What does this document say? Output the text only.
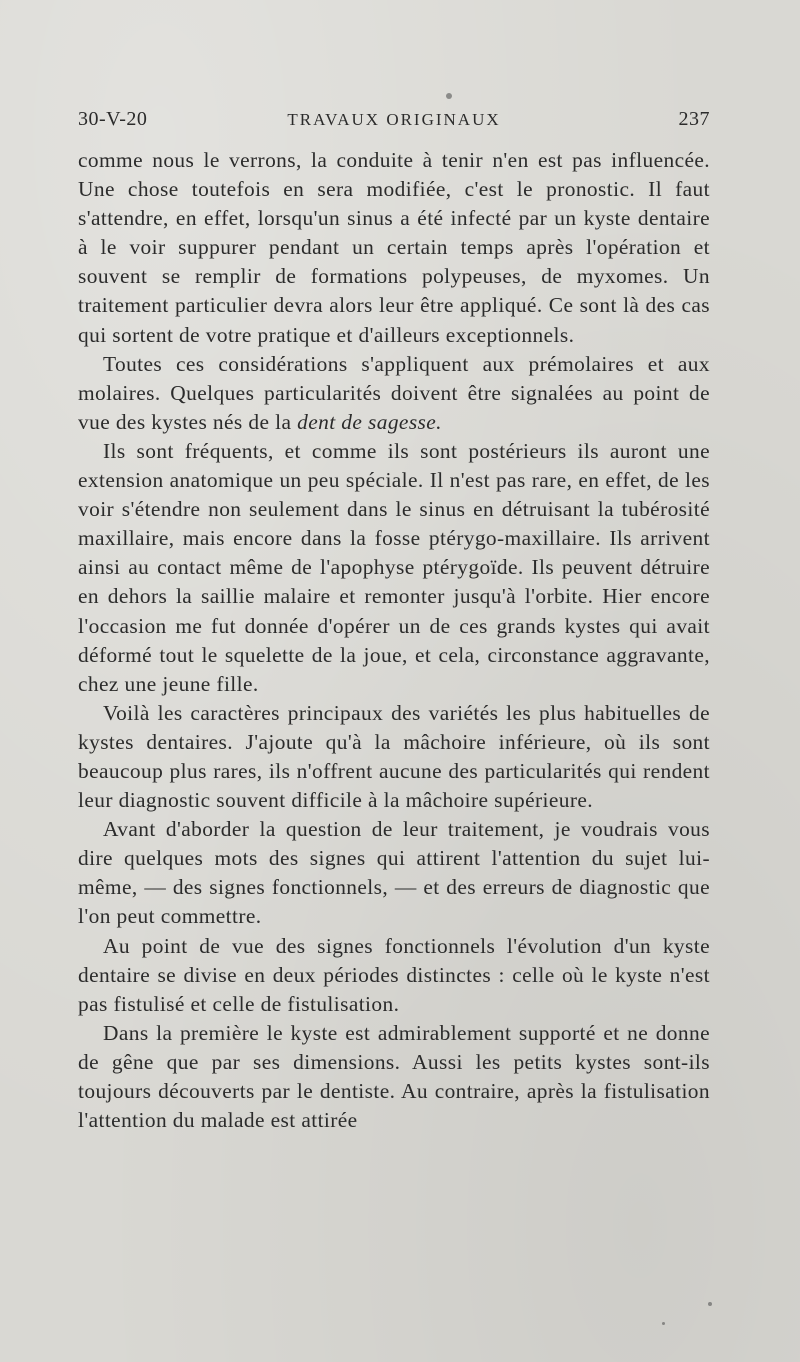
30-V-20	TRAVAUX ORIGINAUX	237

comme nous le verrons, la conduite à tenir n'en est pas influencée. Une chose toutefois en sera modifiée, c'est le pronostic. Il faut s'attendre, en effet, lorsqu'un sinus a été infecté par un kyste dentaire à le voir suppurer pendant un certain temps après l'opération et souvent se remplir de formations polypeuses, de myxomes. Un traitement particulier devra alors leur être appliqué. Ce sont là des cas qui sortent de votre pratique et d'ailleurs exceptionnels.

Toutes ces considérations s'appliquent aux prémolaires et aux molaires. Quelques particularités doivent être signalées au point de vue des kystes nés de la dent de sagesse.

Ils sont fréquents, et comme ils sont postérieurs ils auront une extension anatomique un peu spéciale. Il n'est pas rare, en effet, de les voir s'étendre non seulement dans le sinus en détruisant la tubérosité maxillaire, mais encore dans la fosse ptérygo-maxillaire. Ils arrivent ainsi au contact même de l'apophyse ptérygoïde. Ils peuvent détruire en dehors la saillie malaire et remonter jusqu'à l'orbite. Hier encore l'occasion me fut donnée d'opérer un de ces grands kystes qui avait déformé tout le squelette de la joue, et cela, circonstance aggravante, chez une jeune fille.

Voilà les caractères principaux des variétés les plus habituelles de kystes dentaires. J'ajoute qu'à la mâchoire inférieure, où ils sont beaucoup plus rares, ils n'offrent aucune des particularités qui rendent leur diagnostic souvent difficile à la mâchoire supérieure.

Avant d'aborder la question de leur traitement, je voudrais vous dire quelques mots des signes qui attirent l'attention du sujet lui-même, — des signes fonctionnels, — et des erreurs de diagnostic que l'on peut commettre.

Au point de vue des signes fonctionnels l'évolution d'un kyste dentaire se divise en deux périodes distinctes : celle où le kyste n'est pas fistulisé et celle de fistulisation.

Dans la première le kyste est admirablement supporté et ne donne de gêne que par ses dimensions. Aussi les petits kystes sont-ils toujours découverts par le dentiste. Au contraire, après la fistulisation l'attention du malade est attirée
